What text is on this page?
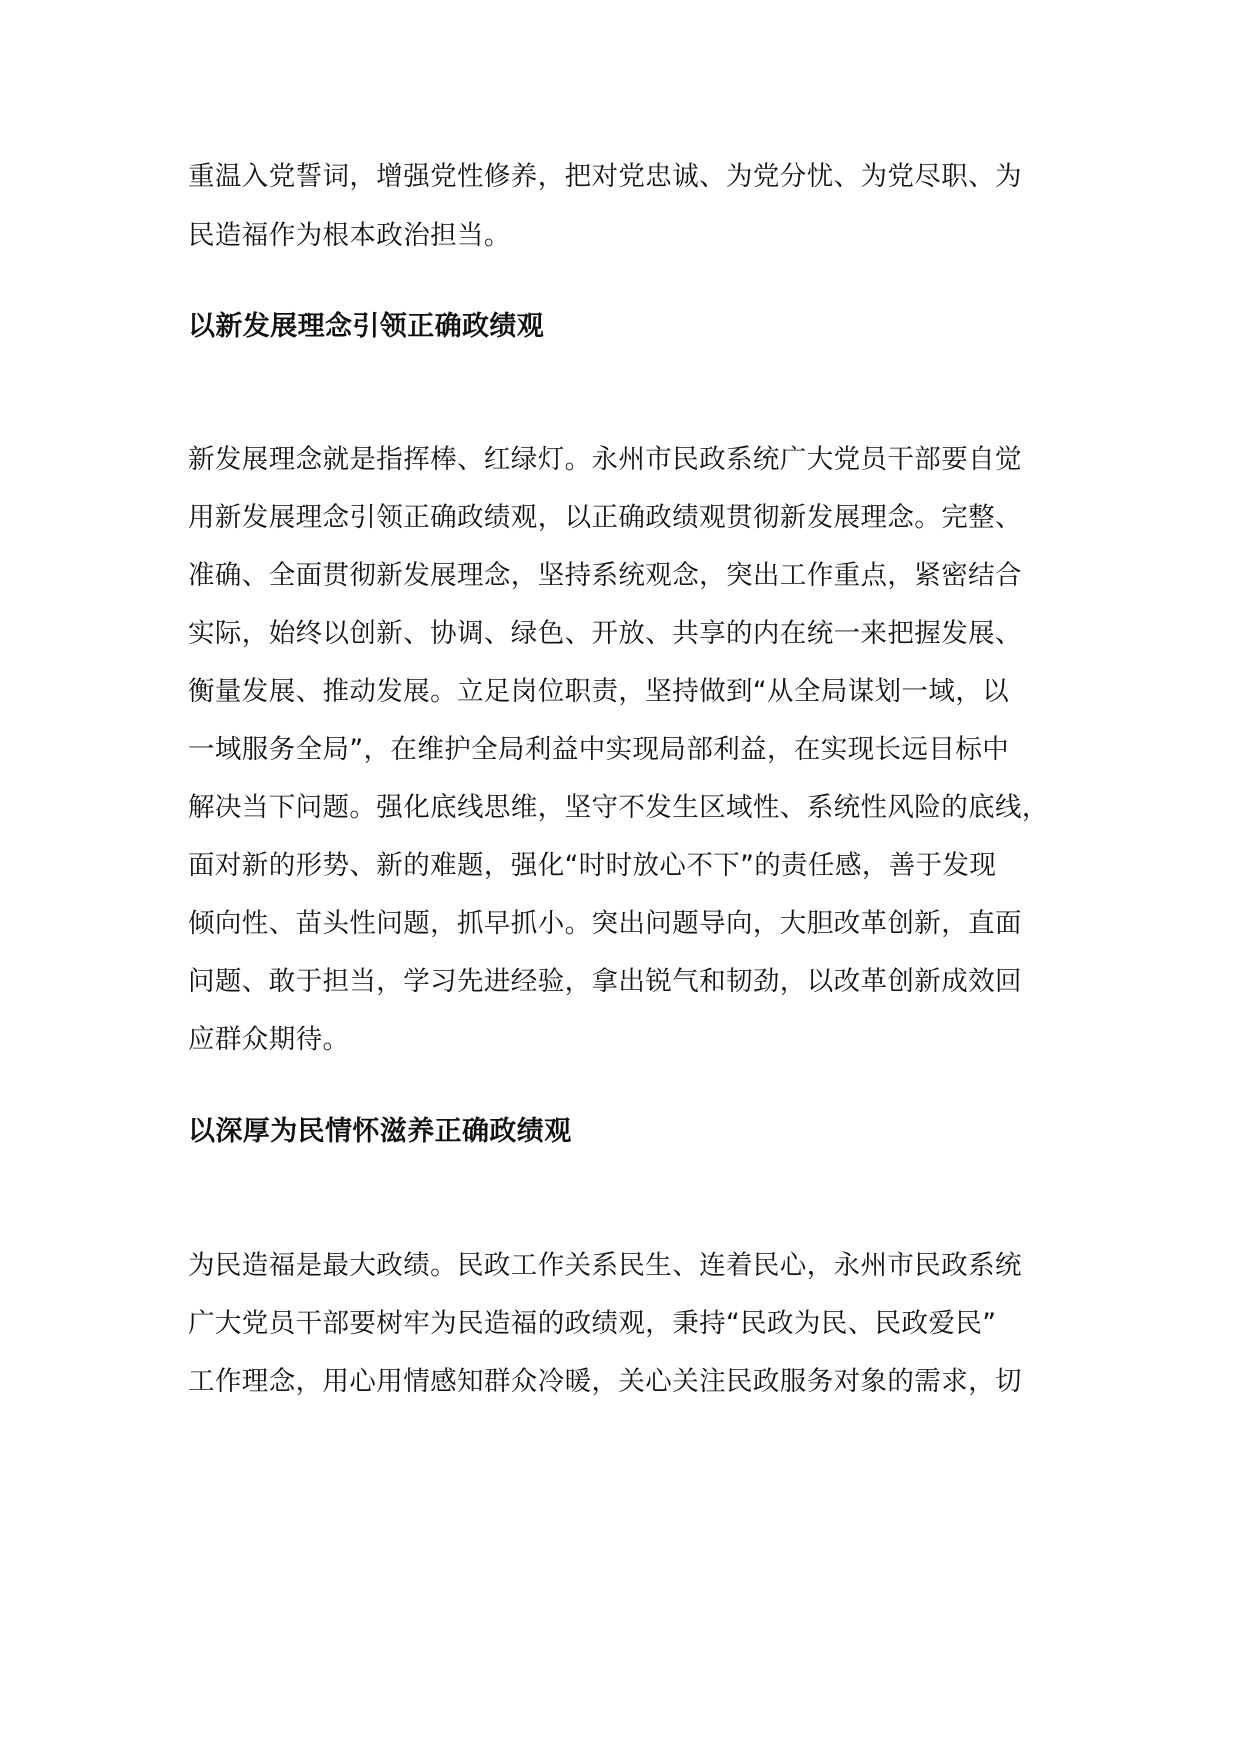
重温入党誓词，增强党性修养，把对党忠诚、为党分忧、为党尽职、为
民造福作为根本政治担当。
以新发展理念引领正确政绩观
新发展理念就是指挥棒、红绿灯。永州市民政系统广大党员干部要自觉
用新发展理念引领正确政绩观，以正确政绩观贯彻新发展理念。完整、
准确、全面贯彻新发展理念，坚持系统观念，突出工作重点，紧密结合
实际，始终以创新、协调、绿色、开放、共享的内在统一来把握发展、
衡量发展、推动发展。立足岗位职责，坚持做到“从全局谋划一域，以
一域服务全局”，在维护全局利益中实现局部利益，在实现长远目标中
解决当下问题。强化底线思维，坚守不发生区域性、系统性风险的底线，
面对新的形势、新的难题，强化“时时放心不下”的责任感，善于发现
倾向性、苗头性问题，抓早抓小。突出问题导向，大胆改革创新，直面
问题、敢于担当，学习先进经验，拿出锐气和韧劲，以改革创新成效回
应群众期待。
以深厚为民情怀滋养正确政绩观
为民造福是最大政绩。民政工作关系民生、连着民心，永州市民政系统
广大党员干部要树牢为民造福的政绩观，秉持“民政为民、民政爱民”
工作理念，用心用情感知群众冷暖，关心关注民政服务对象的需求，切
